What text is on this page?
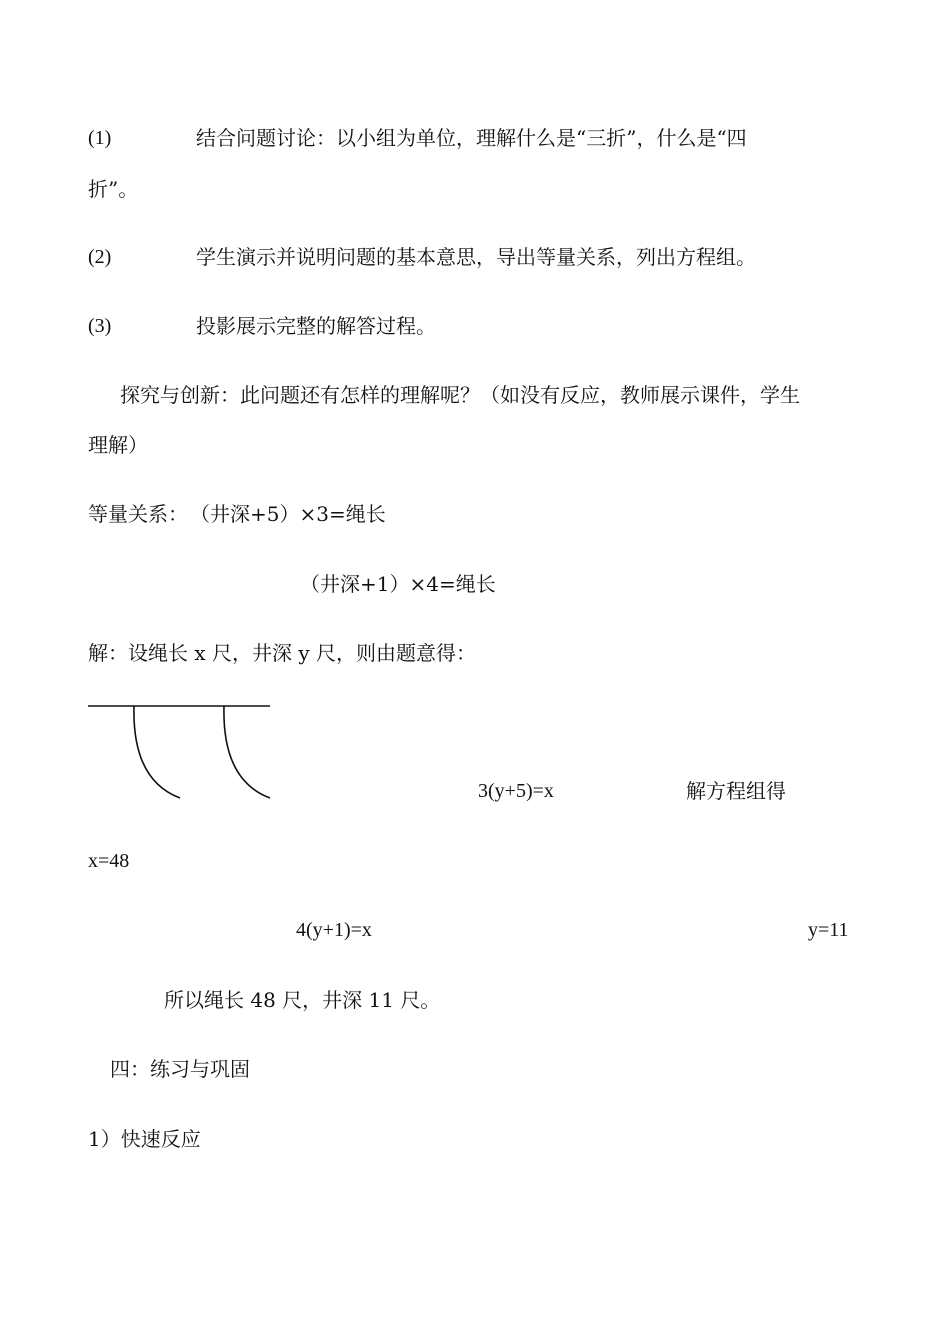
(1)	结合问题讨论：以小组为单位，理解什么是“三折”，什么是“四
折”。
(2)	学生演示并说明问题的基本意思，导出等量关系，列出方程组。
(3)	投影展示完整的解答过程。
探究与创新：此问题还有怎样的理解呢？（如没有反应，教师展示课件，学生
理解）
等量关系： （井深+5）×3=绳长
（井深+1）×4=绳长
解：设绳长 x 尺，井深 y 尺，则由题意得：
3(y+5)=x	解方程组得
x=48
4(y+1)=x	y=11
所以绳长 48 尺，井深 11 尺。
四：练习与巩固
1）快速反应
